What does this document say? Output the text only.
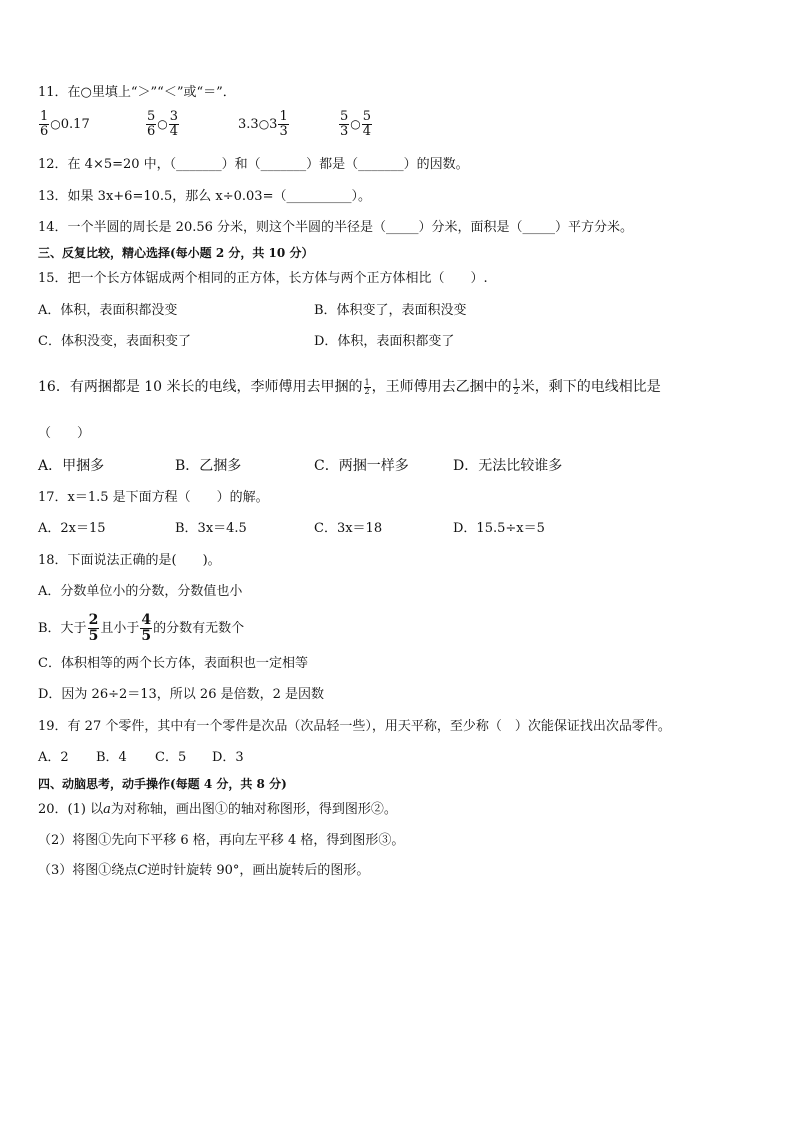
11．在○里填上“＞”“＜”或“＝”．
$\frac{1}{6}$ ○0.17	$\frac{5}{6}$ ○ $\frac{3}{4}$	3.3○3 $\frac{1}{3}$	$\frac{5}{3}$ ○ $\frac{5}{4}$
12．在 4×5=20 中，（_______）和（_______）都是（_______）的因数。
13．如果 3x+6=10.5，那么 x÷0.03=（__________）。
14．一个半圆的周长是 20.56 分米，则这个半圆的半径是（_____）分米，面积是（_____）平方分米。
三、反复比较，精心选择(每小题 2 分，共 10 分）
15．把一个长方体锯成两个相同的正方体，长方体与两个正方体相比（　　）.
A．体积，表面积都没变	B．体积变了，表面积没变
C．体积没变，表面积变了	D．体积，表面积都变了
16．有两捆都是 10 米长的电线，李师傅用去甲捆的 $\frac{1}{2}$ ，王师傅用去乙捆中的 $\frac{1}{2}$ 米，剩下的电线相比是
（　　）
A．甲捆多	B．乙捆多	C．两捆一样多	D．无法比较谁多
17．x＝1.5 是下面方程（　　）的解。
A．2x＝15	B．3x＝4.5	C．3x＝18	D．15.5÷x＝5
18．下面说法正确的是(　　)。
A．分数单位小的分数，分数值也小
B．大于 $\frac{2}{5}$ 且小于 $\frac{4}{5}$ 的分数有无数个
C．体积相等的两个长方体，表面积也一定相等
D．因为 26÷2＝13，所以 26 是倍数，2 是因数
19．有 27 个零件，其中有一个零件是次品（次品轻一些），用天平称，至少称（　）次能保证找出次品零件。
A．2 B．4 C．5 D．3
四、动脑思考，动手操作(每题 4 分，共 8 分)
20．(1) 以a为对称轴，画出图①的轴对称图形，得到图形②。
（2）将图①先向下平移 6 格，再向左平移 4 格，得到图形③。
（3）将图①绕点C逆时针旋转 90°，画出旋转后的图形。
